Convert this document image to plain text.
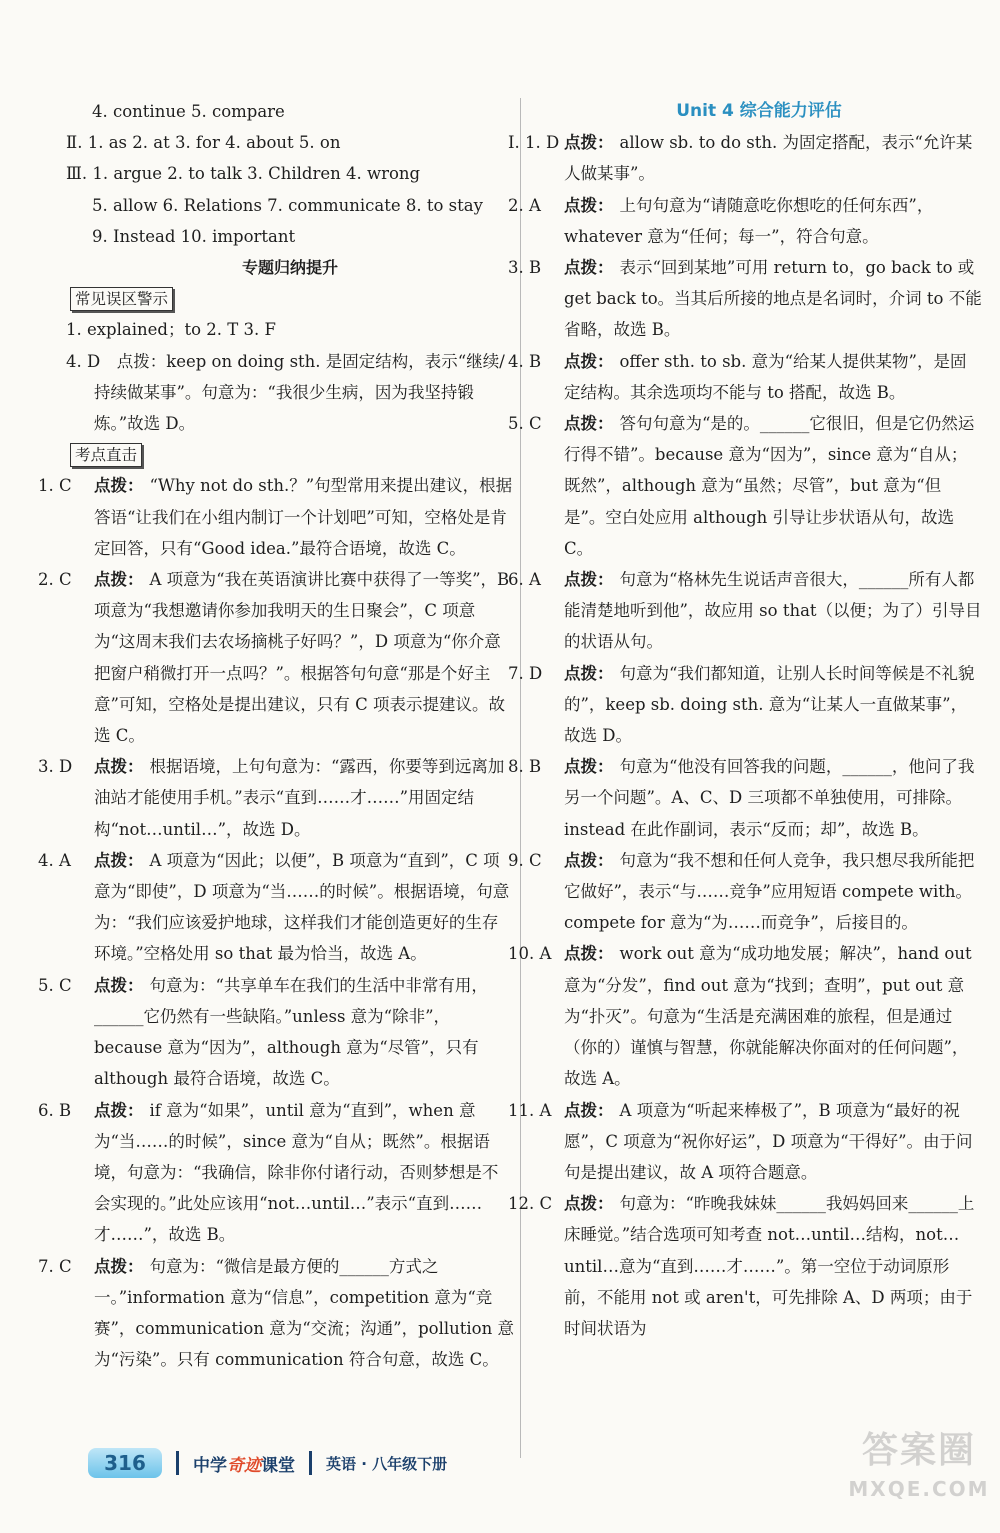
4. continue 5. compare
Ⅱ. 1. as 2. at 3. for 4. about 5. on
Ⅲ. 1. argue 2. to talk 3. Children 4. wrong
5. allow 6. Relations 7. communicate 8. to stay
9. Instead 10. important
专题归纳提升
常见误区警示
1. explained；to 2. T 3. F
4. D　点拨：keep on doing sth. 是固定结构，表示“继续/持续做某事”。句意为：“我很少生病，因为我坚持锻炼。”故选 D。
考点直击
1. C点拨： “Why not do sth.？”句型常用来提出建议，根据答语“让我们在小组内制订一个计划吧”可知，空格处是肯定回答，只有“Good idea.”最符合语境，故选 C。
2. C点拨： A 项意为“我在英语演讲比赛中获得了一等奖”，B 项意为“我想邀请你参加我明天的生日聚会”，C 项意为“这周末我们去农场摘桃子好吗？”，D 项意为“你介意把窗户稍微打开一点吗？”。根据答句句意“那是个好主意”可知，空格处是提出建议，只有 C 项表示提建议。故选 C。
3. D点拨： 根据语境，上句句意为：“露西，你要等到远离加油站才能使用手机。”表示“直到……才……”用固定结构“not…until…”，故选 D。
4. A点拨： A 项意为“因此；以便”，B 项意为“直到”，C 项意为“即使”，D 项意为“当……的时候”。根据语境，句意为：“我们应该爱护地球，这样我们才能创造更好的生存环境。”空格处用 so that 最为恰当，故选 A。
5. C点拨： 句意为：“共享单车在我们的生活中非常有用，______它仍然有一些缺陷。”unless 意为“除非”，because 意为“因为”，although 意为“尽管”，只有 although 最符合语境，故选 C。
6. B点拨： if 意为“如果”，until 意为“直到”，when 意为“当……的时候”，since 意为“自从；既然”。根据语境，句意为：“我确信，除非你付诸行动，否则梦想是不会实现的。”此处应该用“not…until…”表示“直到……才……”，故选 B。
7. C点拨： 句意为：“微信是最方便的______方式之一。”information 意为“信息”，competition 意为“竞赛”，communication 意为“交流；沟通”，pollution 意为“污染”。只有 communication 符合句意，故选 C。
Unit 4 综合能力评估
Ⅰ. 1. D点拨： allow sb. to do sth. 为固定搭配，表示“允许某人做某事”。
2. A点拨： 上句句意为“请随意吃你想吃的任何东西”，whatever 意为“任何；每一”，符合句意。
3. B点拨： 表示“回到某地”可用 return to，go back to 或 get back to。当其后所接的地点是名词时，介词 to 不能省略，故选 B。
4. B点拨： offer sth. to sb. 意为“给某人提供某物”，是固定结构。其余选项均不能与 to 搭配，故选 B。
5. C点拨： 答句句意为“是的。______它很旧，但是它仍然运行得不错”。because 意为“因为”，since 意为“自从；既然”，although 意为“虽然；尽管”，but 意为“但是”。空白处应用 although 引导让步状语从句，故选 C。
6. A点拨： 句意为“格林先生说话声音很大，______所有人都能清楚地听到他”，故应用 so that（以便；为了）引导目的状语从句。
7. D点拨： 句意为“我们都知道，让别人长时间等候是不礼貌的”，keep sb. doing sth. 意为“让某人一直做某事”，故选 D。
8. B点拨： 句意为“他没有回答我的问题，______，他问了我另一个问题”。A、C、D 三项都不单独使用，可排除。instead 在此作副词，表示“反而；却”，故选 B。
9. C点拨： 句意为“我不想和任何人竞争，我只想尽我所能把它做好”，表示“与……竞争”应用短语 compete with。compete for 意为“为……而竞争”，后接目的。
10. A点拨： work out 意为“成功地发展；解决”，hand out 意为“分发”，find out 意为“找到；查明”，put out 意为“扑灭”。句意为“生活是充满困难的旅程，但是通过（你的）谨慎与智慧，你就能解决你面对的任何问题”，故选 A。
11. A点拨： A 项意为“听起来棒极了”，B 项意为“最好的祝愿”，C 项意为“祝你好运”，D 项意为“干得好”。由于问句是提出建议，故 A 项符合题意。
12. C点拨： 句意为：“昨晚我妹妹______我妈妈回来______上床睡觉。”结合选项可知考查 not…until…结构，not…until…意为“直到……才……”。第一空位于动词原形前，不能用 not 或 aren't，可先排除 A、D 两项；由于时间状语为
316	中学奇迹课堂 英语 · 八年级下册	答案圈
MXQE.COM
